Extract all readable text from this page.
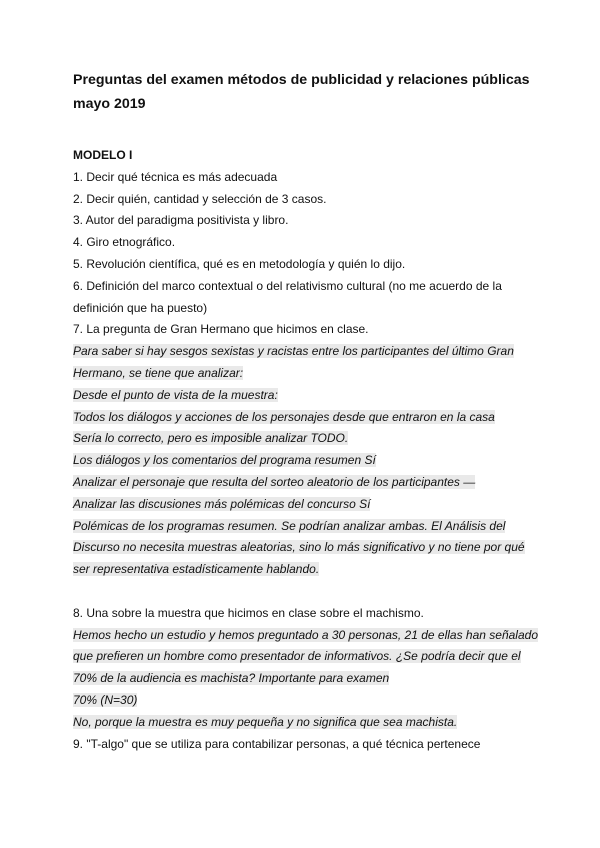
Preguntas del examen métodos de publicidad y relaciones públicas mayo 2019
MODELO I
1. Decir qué técnica es más adecuada
2. Decir quién, cantidad y selección de 3 casos.
3. Autor del paradigma positivista y libro.
4. Giro etnográfico.
5. Revolución científica, qué es en metodología y quién lo dijo.
6. Definición del marco contextual o del relativismo cultural (no me acuerdo de la definición que ha puesto)
7. La pregunta de Gran Hermano que hicimos en clase.
Para saber si hay sesgos sexistas y racistas entre los participantes del último Gran Hermano, se tiene que analizar:
Desde el punto de vista de la muestra:
Todos los diálogos y acciones de los personajes desde que entraron en la casa
Sería lo correcto, pero es imposible analizar TODO.
Los diálogos y los comentarios del programa resumen Sí
Analizar el personaje que resulta del sorteo aleatorio de los participantes —
Analizar las discusiones más polémicas del concurso Sí
Polémicas de los programas resumen. Se podrían analizar ambas. El Análisis del Discurso no necesita muestras aleatorias, sino lo más significativo y no tiene por qué ser representativa estadísticamente hablando.
8. Una sobre la muestra que hicimos en clase sobre el machismo.
Hemos hecho un estudio y hemos preguntado a 30 personas, 21 de ellas han señalado que prefieren un hombre como presentador de informativos. ¿Se podría decir que el 70% de la audiencia es machista? Importante para examen
70% (N=30)
No, porque la muestra es muy pequeña y no significa que sea machista.
9. "T-algo" que se utiliza para contabilizar personas, a qué técnica pertenece
